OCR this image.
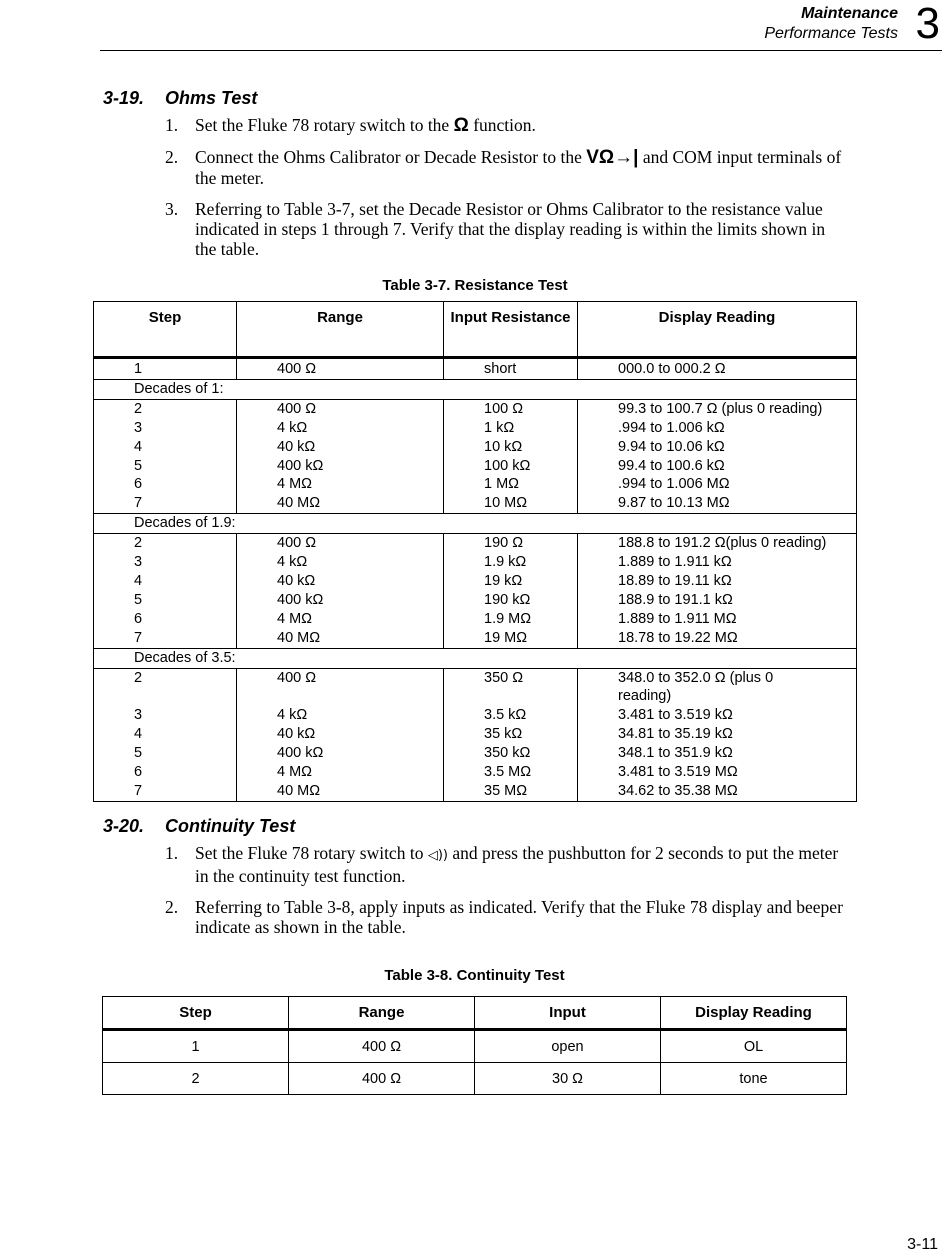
Maintenance
Performance Tests 3
3-19. Ohms Test
1. Set the Fluke 78 rotary switch to the Ω function.
2. Connect the Ohms Calibrator or Decade Resistor to the VΩ→| and COM input terminals of the meter.
3. Referring to Table 3-7, set the Decade Resistor or Ohms Calibrator to the resistance value indicated in steps 1 through 7. Verify that the display reading is within the limits shown in the table.
Table 3-7. Resistance Test
Step	Range	Input Resistance	Display Reading
1	400 Ω	short	000.0 to 000.2 Ω
Decades of 1:			
2	400 Ω	100 Ω	99.3 to 100.7 Ω (plus 0 reading)
3	4 kΩ	1 kΩ	.994 to 1.006 kΩ
4	40 kΩ	10 kΩ	9.94 to 10.06 kΩ
5	400 kΩ	100 kΩ	99.4 to 100.6 kΩ
6	4 MΩ	1 MΩ	.994 to 1.006 MΩ
7	40 MΩ	10 MΩ	9.87 to 10.13 MΩ
Decades of 1.9:			
2	400 Ω	190 Ω	188.8 to 191.2 Ω(plus 0 reading)
3	4 kΩ	1.9 kΩ	1.889 to 1.911 kΩ
4	40 kΩ	19 kΩ	18.89 to 19.11 kΩ
5	400 kΩ	190 kΩ	188.9 to 191.1 kΩ
6	4 MΩ	1.9 MΩ	1.889 to 1.911 MΩ
7	40 MΩ	19 MΩ	18.78 to 19.22 MΩ
Decades of 3.5:			
2	400 Ω	350 Ω	348.0 to 352.0 Ω (plus 0 reading)
3	4 kΩ	3.5 kΩ	3.481 to 3.519 kΩ
4	40 kΩ	35 kΩ	34.81 to 35.19 kΩ
5	400 kΩ	350 kΩ	348.1 to 351.9 kΩ
6	4 MΩ	3.5 MΩ	3.481 to 3.519 MΩ
7	40 MΩ	35 MΩ	34.62 to 35.38 MΩ
3-20. Continuity Test
1. Set the Fluke 78 rotary switch to ◁)) and press the pushbutton for 2 seconds to put the meter in the continuity test function.
2. Referring to Table 3-8, apply inputs as indicated. Verify that the Fluke 78 display and beeper indicate as shown in the table.
Table 3-8. Continuity Test
Step	Range	Input	Display Reading
1	400 Ω	open	OL
2	400 Ω	30 Ω	tone
3-11
